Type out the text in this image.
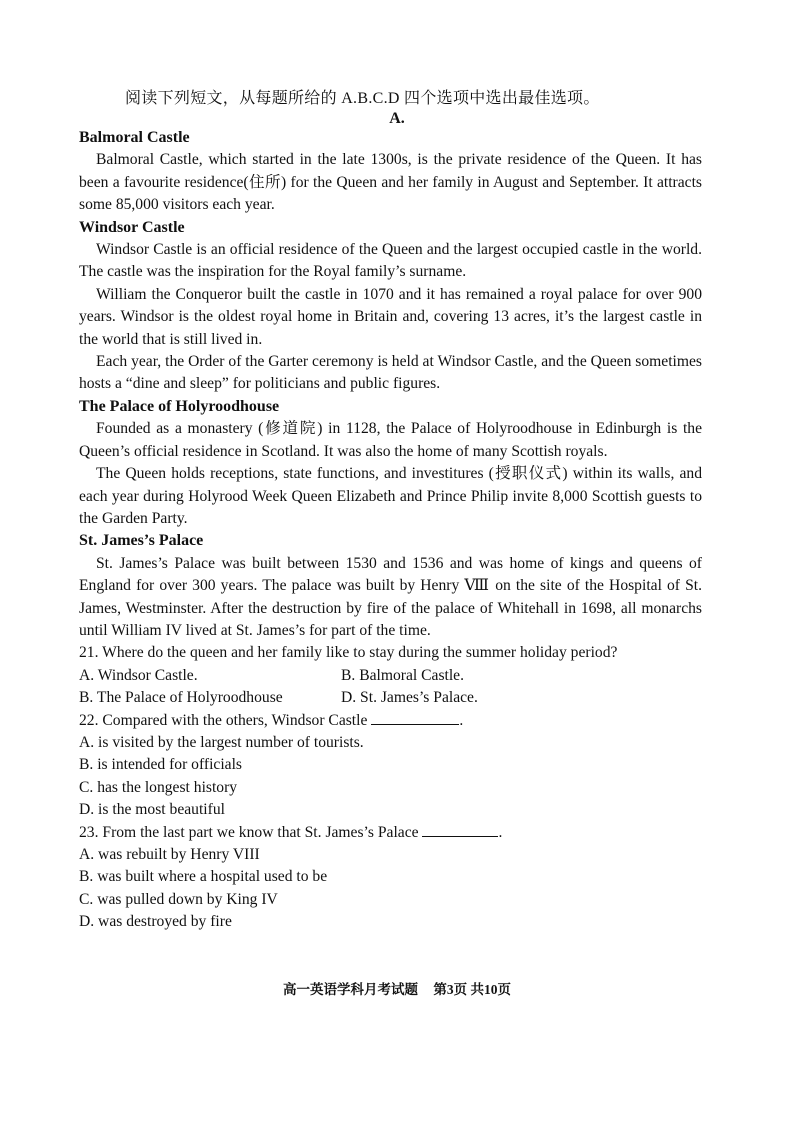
阅读下列短文，从每题所给的 A.B.C.D 四个选项中选出最佳选项。
A.

Balmoral Castle

Balmoral Castle, which started in the late 1300s, is the private residence of the Queen. It has been a favourite residence(住所) for the Queen and her family in August and September. It attracts some 85,000 visitors each year.

Windsor Castle

Windsor Castle is an official residence of the Queen and the largest occupied castle in the world. The castle was the inspiration for the Royal family’s surname.

William the Conqueror built the castle in 1070 and it has remained a royal palace for over 900 years. Windsor is the oldest royal home in Britain and, covering 13 acres, it’s the largest castle in the world that is still lived in.

Each year, the Order of the Garter ceremony is held at Windsor Castle, and the Queen sometimes hosts a “dine and sleep” for politicians and public figures.

The Palace of Holyroodhouse

Founded as a monastery (修道院) in 1128, the Palace of Holyroodhouse in Edinburgh is the Queen’s official residence in Scotland. It was also the home of many Scottish royals.

The Queen holds receptions, state functions, and investitures (授职仪式) within its walls, and each year during Holyrood Week Queen Elizabeth and Prince Philip invite 8,000 Scottish guests to the Garden Party.

St. James’s Palace

St. James’s Palace was built between 1530 and 1536 and was home of kings and queens of England for over 300 years. The palace was built by Henry Ⅷ on the site of the Hospital of St. James, Westminster. After the destruction by fire of the palace of Whitehall in 1698, all monarchs until William IV lived at St. James’s for part of the time.

21. Where do the queen and her family like to stay during the summer holiday period?

A. Windsor Castle.	B. Balmoral Castle.
B. The Palace of Holyroodhouse	D. St. James’s Palace.

22. Compared with the others, Windsor Castle	.

A. is visited by the largest number of tourists.

B. is intended for officials

C. has the longest history

D. is the most beautiful

23. From the last part we know that St. James’s Palace	.

A. was rebuilt by Henry VIII

B. was built where a hospital used to be

C. was pulled down by King IV

D. was destroyed by fire

高一英语学科月考试题 第3页 共10页
